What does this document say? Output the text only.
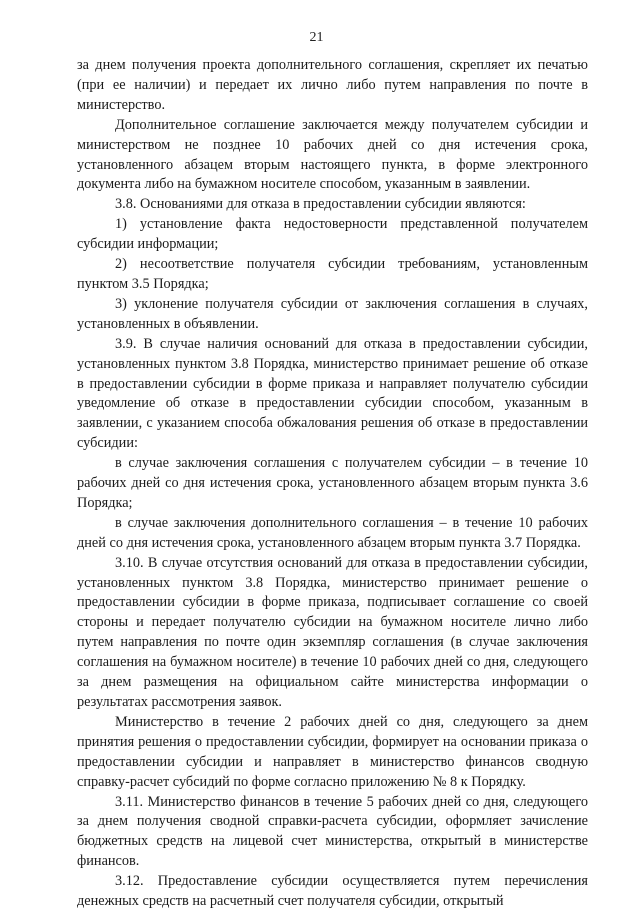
21

за днем получения проекта дополнительного соглашения, скрепляет их печатью (при ее наличии) и передает их лично либо путем направления по почте в министерство.

Дополнительное соглашение заключается между получателем субсидии и министерством не позднее 10 рабочих дней со дня истечения срока, установленного абзацем вторым настоящего пункта, в форме электронного документа либо на бумажном носителе способом, указанным в заявлении.

3.8. Основаниями для отказа в предоставлении субсидии являются:

1) установление факта недостоверности представленной получателем субсидии информации;

2) несоответствие получателя субсидии требованиям, установленным пунктом 3.5 Порядка;

3) уклонение получателя субсидии от заключения соглашения в случаях, установленных в объявлении.

3.9. В случае наличия оснований для отказа в предоставлении субсидии, установленных пунктом 3.8 Порядка, министерство принимает решение об отказе в предоставлении субсидии в форме приказа и направляет получателю субсидии уведомление об отказе в предоставлении субсидии способом, указанным в заявлении, с указанием способа обжалования решения об отказе в предоставлении субсидии:

в случае заключения соглашения с получателем субсидии – в течение 10 рабочих дней со дня истечения срока, установленного абзацем вторым пункта 3.6 Порядка;

в случае заключения дополнительного соглашения – в течение 10 рабочих дней со дня истечения срока, установленного абзацем вторым пункта 3.7 Порядка.

3.10. В случае отсутствия оснований для отказа в предоставлении субсидии, установленных пунктом 3.8 Порядка, министерство принимает решение о предоставлении субсидии в форме приказа, подписывает соглашение со своей стороны и передает получателю субсидии на бумажном носителе лично либо путем направления по почте один экземпляр соглашения (в случае заключения соглашения на бумажном носителе) в течение 10 рабочих дней со дня, следующего за днем размещения на официальном сайте министерства информации о результатах рассмотрения заявок.

Министерство в течение 2 рабочих дней со дня, следующего за днем принятия решения о предоставлении субсидии, формирует на основании приказа о предоставлении субсидии и направляет в министерство финансов сводную справку-расчет субсидий по форме согласно приложению № 8 к Порядку.

3.11. Министерство финансов в течение 5 рабочих дней со дня, следующего за днем получения сводной справки-расчета субсидии, оформляет зачисление бюджетных средств на лицевой счет министерства, открытый в министерстве финансов.

3.12. Предоставление субсидии осуществляется путем перечисления денежных средств на расчетный счет получателя субсидии, открытый
